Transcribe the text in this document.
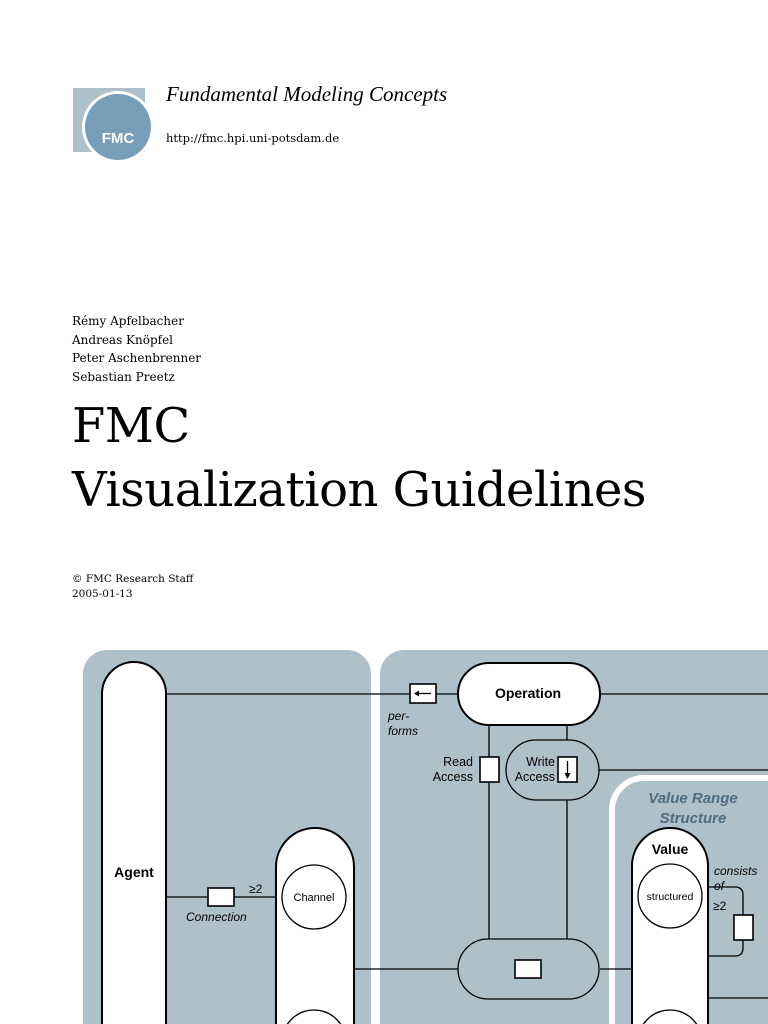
FMC
Fundamental Modeling Concepts
http://fmc.hpi.uni-potsdam.de
Rémy Apfelbacher
Andreas Knöpfel
Peter Aschenbrenner
Sebastian Preetz
FMC
Visualization Guidelines
© FMC Research Staff
2005-01-13
Agent
Operation
per-
forms
Read
Access
Write
Access
Value Range
Structure
Value
structured
consists
of
≥2
Channel
≥2
Connection
